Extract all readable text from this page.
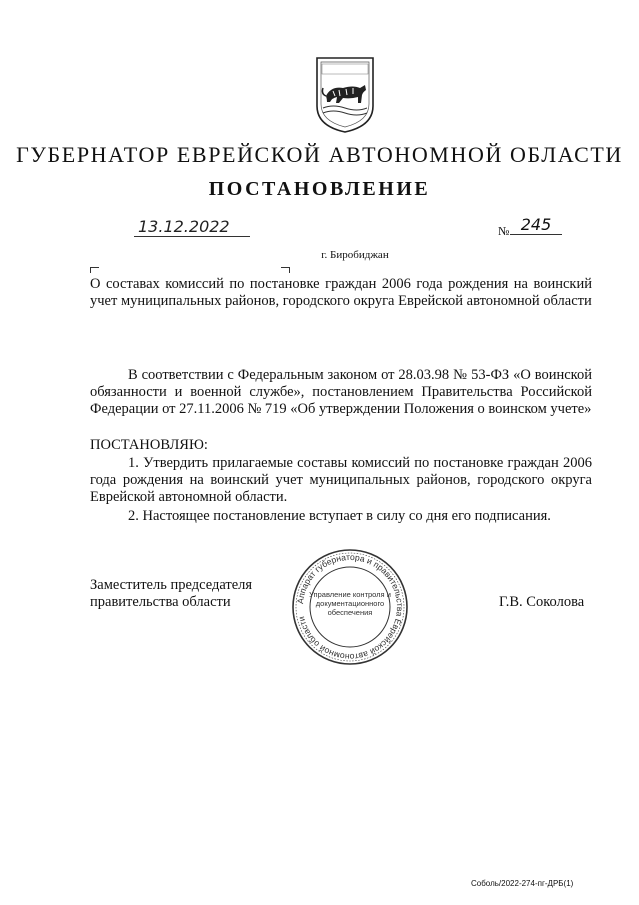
ГУБЕРНАТОР ЕВРЕЙСКОЙ АВТОНОМНОЙ ОБЛАСТИ
ПОСТАНОВЛЕНИЕ
13.12.2022	№ 245
г. Биробиджан
О составах комиссий по постановке граждан 2006 года рождения на воинский учет муниципальных районов, городского округа Еврейской автономной области
В соответствии с Федеральным законом от 28.03.98 № 53-ФЗ «О воинской обязанности и военной службе», постановлением Правительства Российской Федерации от 27.11.2006 № 719 «Об утверждении Положения о воинском учете»
ПОСТАНОВЛЯЮ:
1. Утвердить прилагаемые составы комиссий по постановке граждан 2006 года рождения на воинский учет муниципальных районов, городского округа Еврейской автономной области.
2. Настоящее постановление вступает в силу со дня его подписания.
Заместитель председателя
правительства области	Г.В. Соколова
Аппарат губернатора и правительства Еврейской автономной области
Управление контроля и документационного обеспечения
Соболь/2022-274-пг-ДРБ(1)
